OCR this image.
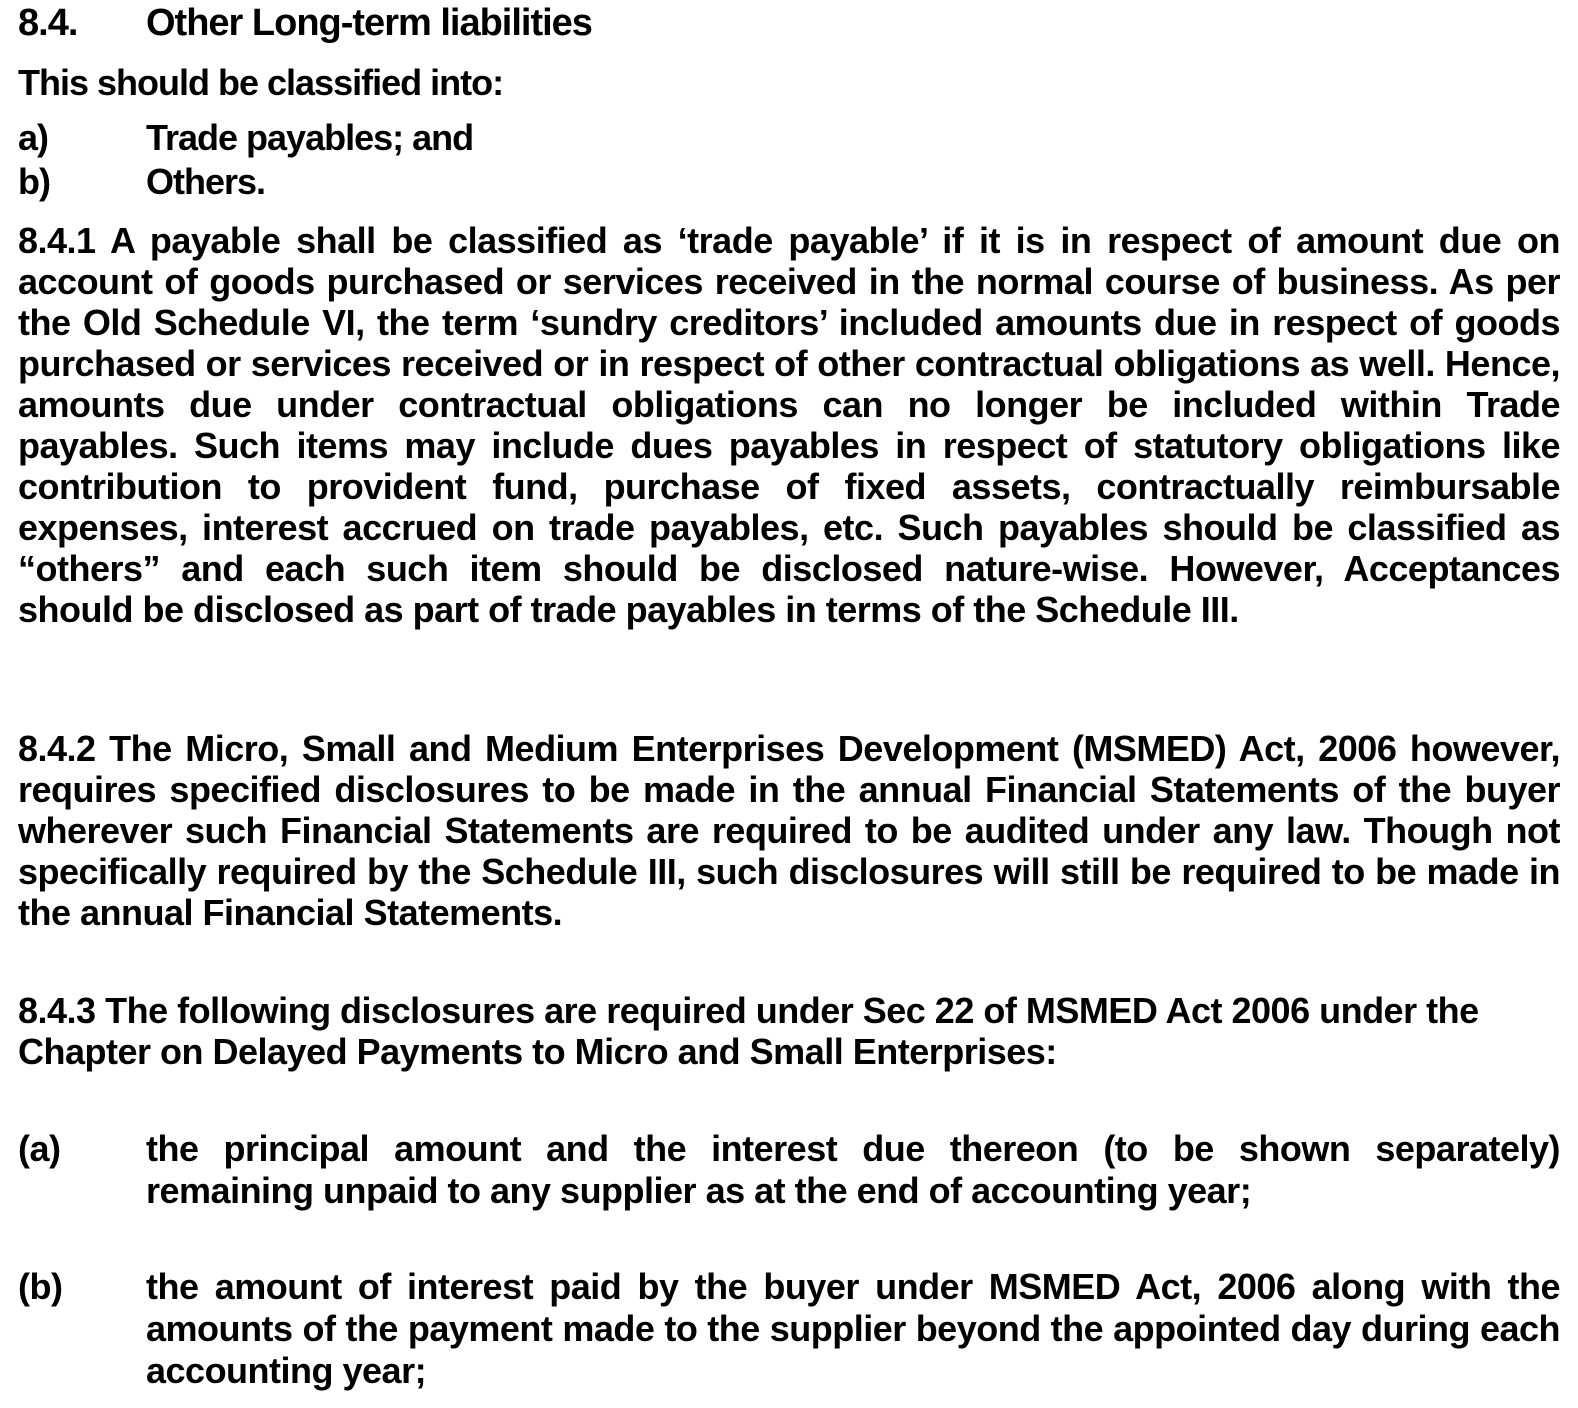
8.4.	Other Long-term liabilities
This should be classified into:
a)	Trade payables; and
b)	Others.
8.4.1 A payable shall be classified as ‘trade payable’ if it is in respect of amount due on account of goods purchased or services received in the normal course of business. As per the Old Schedule VI, the term ‘sundry creditors’ included amounts due in respect of goods purchased or services received or in respect of other contractual obligations as well. Hence, amounts due under contractual obligations can no longer be included within Trade payables. Such items may include dues payables in respect of statutory obligations like contribution to provident fund, purchase of fixed assets, contractually reimbursable expenses, interest accrued on trade payables, etc. Such payables should be classified as “others” and each such item should be disclosed nature-wise. However, Acceptances should be disclosed as part of trade payables in terms of the Schedule III.
8.4.2 The Micro, Small and Medium Enterprises Development (MSMED) Act, 2006 however, requires specified disclosures to be made in the annual Financial Statements of the buyer wherever such Financial Statements are required to be audited under any law. Though not specifically required by the Schedule III, such disclosures will still be required to be made in the annual Financial Statements.
8.4.3 The following disclosures are required under Sec 22 of MSMED Act 2006 under the Chapter on Delayed Payments to Micro and Small Enterprises:
(a) the principal amount and the interest due thereon (to be shown separately) remaining unpaid to any supplier as at the end of accounting year;
(b) the amount of interest paid by the buyer under MSMED Act, 2006 along with the amounts of the payment made to the supplier beyond the appointed day during each accounting year;
